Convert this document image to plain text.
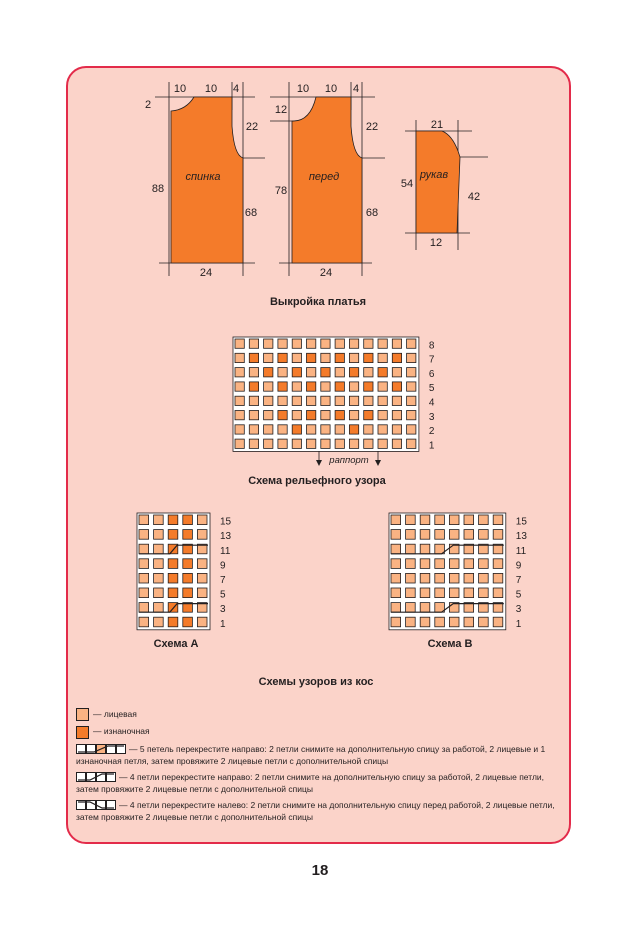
спинка
10 10 4
2
22
88
68
24
перед
10 10 4
12
22
78
68
24
рукав
21
54
42
12
8
7
6
5
4
3
2
1
раппорт
15
13
11
9
7
5
3
1
15
13
11
9
7
5
3
1
Выкройка платья
Схема рельефного узора
Схема А	Схема В
Схемы узоров из кос
— лицевая
— изнаночная
— 5 петель перекрестите направо: 2 петли снимите на дополнительную спицу за работой, 2 лицевые и 1 изнаночная петля, затем провяжите 2 лицевые петли с дополнительной спицы
— 4 петли перекрестите направо: 2 петли снимите на дополнительную спицу за работой, 2 лицевые петли, затем провяжите 2 лицевые петли с дополнительной спицы
— 4 петли перекрестите налево: 2 петли снимите на дополнительную спицу перед работой, 2 лицевые петли, затем провяжите 2 лицевые петли с дополнительной спицы
18
